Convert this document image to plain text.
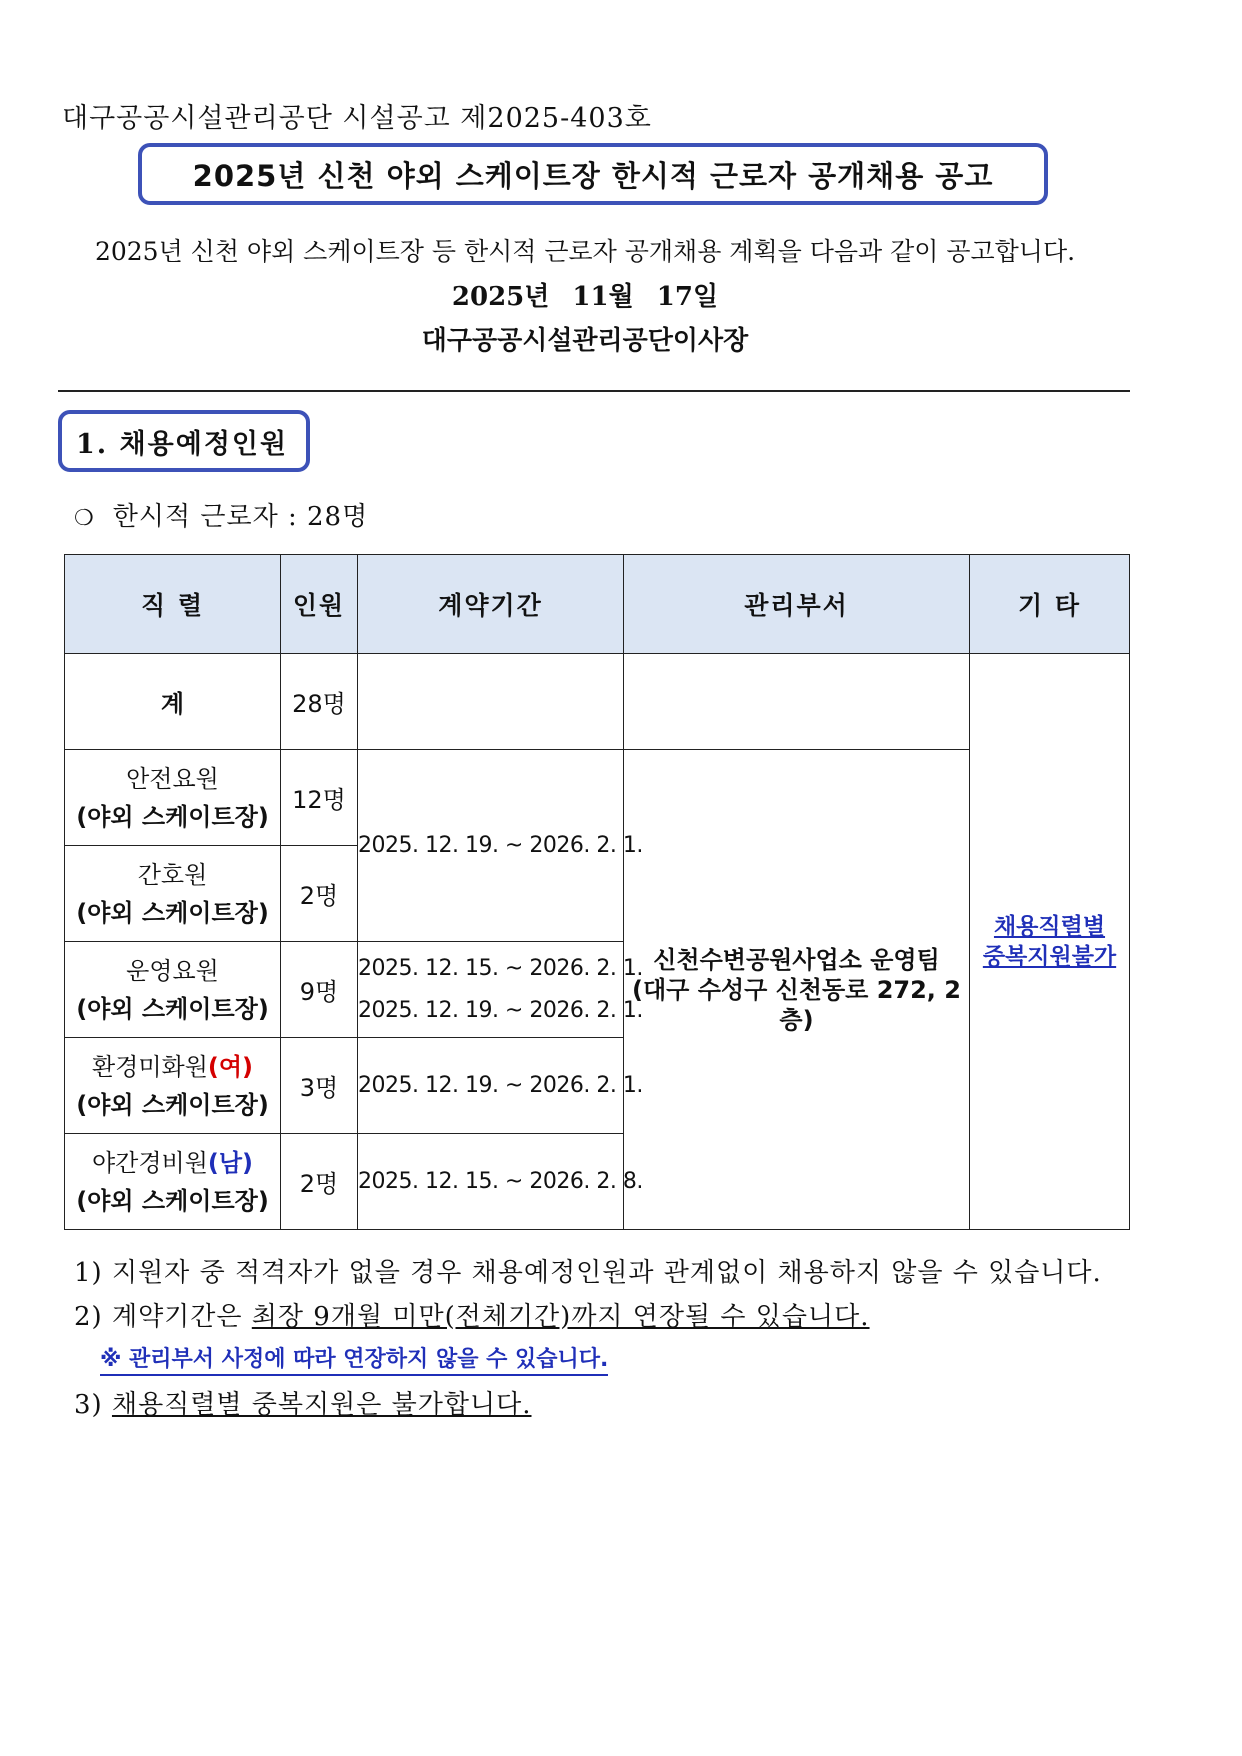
대구공공시설관리공단 시설공고 제2025-403호
2025년 신천 야외 스케이트장 한시적 근로자 공개채용 공고
2025년 신천 야외 스케이트장 등 한시적 근로자 공개채용 계획을 다음과 같이 공고합니다.
2025년 11월 17일
대구공공시설관리공단이사장
1. 채용예정인원
❍ 한시적 근로자 : 28명
직 렬	인원	계약기간	관리부서	기 타
계	28명			채용직렬별
중복지원불가

안전요원
(야외 스케이트장)	12명	2025. 12. 19. ~ 2026. 2. 1.	신천수변공원사업소 운영팀
(대구 수성구 신천동로 272, 2층)	

간호원
(야외 스케이트장)	2명			

운영요원
(야외 스케이트장)	9명	2025. 12. 15. ~ 2026. 2. 1.
2025. 12. 19. ~ 2026. 2. 1.		

환경미화원(여)
(야외 스케이트장)	3명	2025. 12. 19. ~ 2026. 2. 1.		

야간경비원(남)
(야외 스케이트장)	2명	2025. 12. 15. ~ 2026. 2. 8.		
1) 지원자 중 적격자가 없을 경우 채용예정인원과 관계없이 채용하지 않을 수 있습니다.
2) 계약기간은 최장 9개월 미만(전체기간)까지 연장될 수 있습니다.
※ 관리부서 사정에 따라 연장하지 않을 수 있습니다.
3) 채용직렬별 중복지원은 불가합니다.
